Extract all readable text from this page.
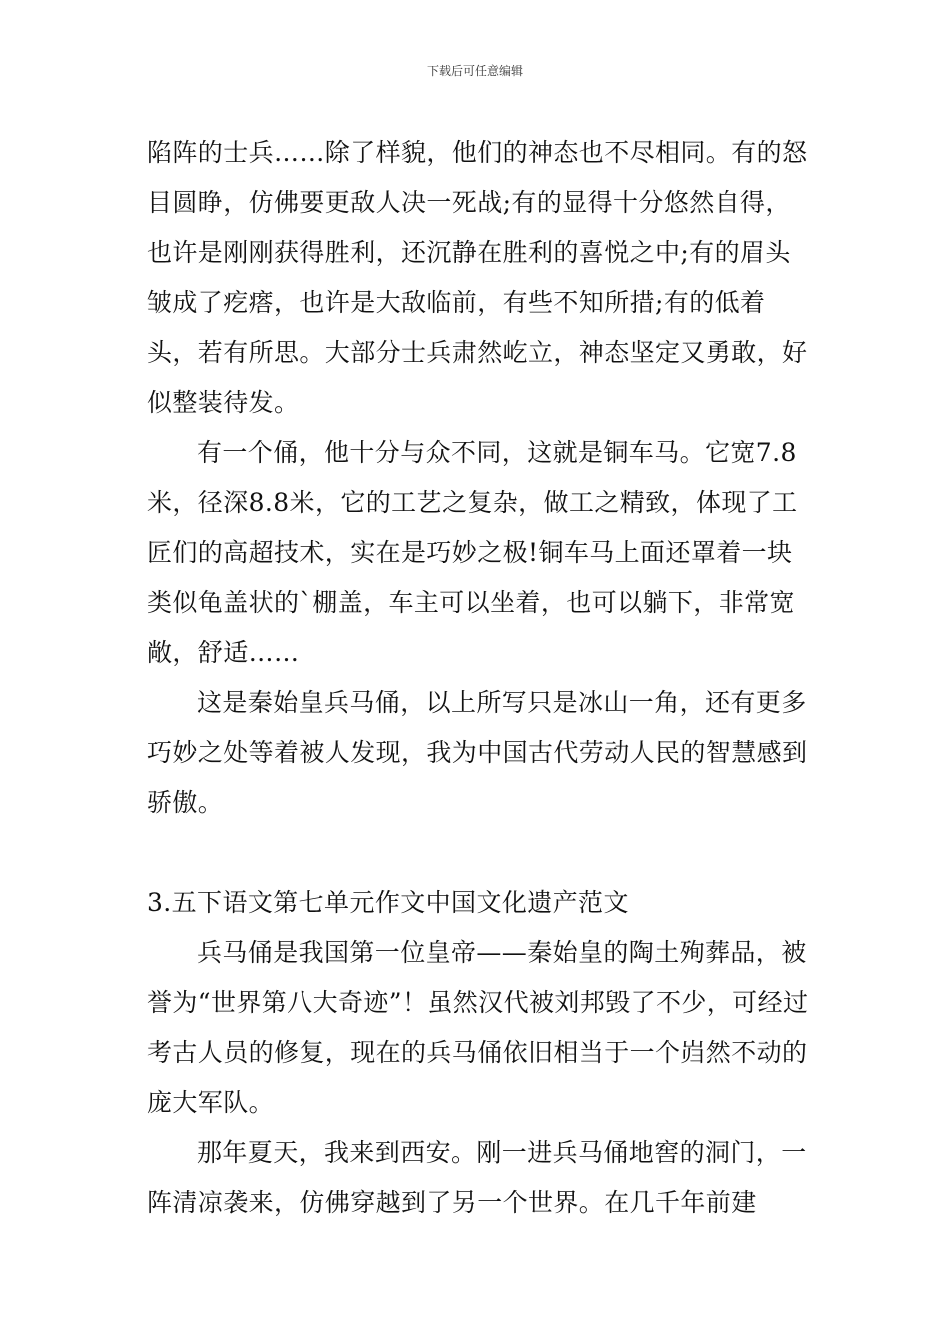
下载后可任意编辑

陷阵的士兵……除了样貌，他们的神态也不尽相同。有的怒目圆睁，仿佛要更敌人决一死战;有的显得十分悠然自得，也许是刚刚获得胜利，还沉静在胜利的喜悦之中;有的眉头皱成了疙瘩，也许是大敌临前，有些不知所措;有的低着头，若有所思。大部分士兵肃然屹立，神态坚定又勇敢，好似整装待发。

有一个俑，他十分与众不同，这就是铜车马。它宽7.8米，径深8.8米，它的工艺之复杂，做工之精致，体现了工匠们的高超技术，实在是巧妙之极!铜车马上面还罩着一块类似龟盖状的`棚盖，车主可以坐着，也可以躺下，非常宽敞，舒适……

这是秦始皇兵马俑，以上所写只是冰山一角，还有更多巧妙之处等着被人发现，我为中国古代劳动人民的智慧感到骄傲。

3.五下语文第七单元作文中国文化遗产范文

兵马俑是我国第一位皇帝——秦始皇的陶土殉葬品，被誉为“世界第八大奇迹”！虽然汉代被刘邦毁了不少，可经过考古人员的修复，现在的兵马俑依旧相当于一个岿然不动的庞大军队。

那年夏天，我来到西安。刚一进兵马俑地窖的洞门，一阵清凉袭来，仿佛穿越到了另一个世界。在几千年前建
